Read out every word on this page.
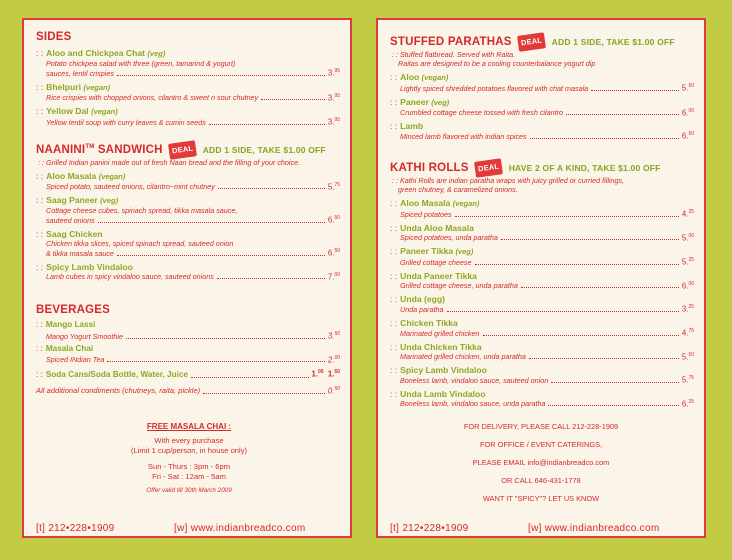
SIDES
: : Aloo and Chickpea Chat (veg)
Potato chickpea salad with three (green, tamarind & yogurt)
sauces, lentil crispies	3.95
: : Bhelpuri (vegan)
Rice crispies with chopped onions, cilantro & sweet n sour chutney	3.95
: : Yellow Dal (vegan)
Yellow lentil soup with curry leaves & cumin seeds	3.95
NAANINI™ SANDWICH DEAL ADD 1 SIDE, TAKE $1.00 OFF
: : Grilled Indian panini made out of fresh Naan bread and the filling of your choice.
: : Aloo Masala (vegan)
Spiced potato, sauteed onions, cilantro~mint chutney	5.75
: : Saag Paneer (veg)
Cottage cheese cubes, spinach spread, tikka masala sauce,
sauteed onions	6.50
: : Saag Chicken
Chicken tikka slices, spiced spinach spread, sauteed onion
& tikka masala sauce	6.50
: : Spicy Lamb Vindaloo
Lamb cubes in spicy vindaloo sauce, sauteed onions	7.00
BEVERAGES
: : Mango Lassi
Mango Yogurt Smoothie	3.50
: : Masala Chai
Spiced INdian Tea	2.00
: : Soda Cans/Soda Bottle, Water, Juice	1.00 1.50
All additional condiments (chutneys, raita, pickle)	0.50
FREE MASALA CHAI :
With every purchase
(Limit 1 cup/person, in house only)
Sun - Thurs : 3pm - 6pm
Fri - Sat : 12am - 5am
Offer valid till 30th March 2009
[t] 212•228•1909	[w] www.indianbreadco.com
STUFFED PARATHAS DEAL ADD 1 SIDE, TAKE $1.00 OFF
: : Stuffed flatbread. Served with Raita.
Raitas are designed to be a cooling counterbalance yogurt dip
: : Aloo (vegan)
Lightly spiced shredded potatoes flavored with chat masala	5.50
: : Paneer (veg)
Crumbled cottage cheese tossed with fresh cilantro	6.00
: : Lamb
Minced lamb flavored with indian spices	6.50
KATHI ROLLS DEAL HAVE 2 OF A KIND, TAKE $1.00 OFF
: : Kathi Rolls are indian paratha wraps with juicy grilled or curried fillings,
green chutney, & caramelized onions.
: : Aloo Masala (vegan)
Spiced potatoes	4.25
: : Unda Aloo Masala
Spiced potatoes, unda paratha	5.00
: : Paneer Tikka (veg)
Grilled cottage cheese	5.25
: : Unda Paneer Tikka
Grilled cottage cheese, unda paratha	6.00
: : Unda (egg)
Unda paratha	3.25
: : Chicken Tikka
Marinated grilled chicken	4.75
: : Unda Chicken Tikka
Marinated grilled chicken, unda paratha	5.50
: : Spicy Lamb Vindaloo
Boneless lamb, vindaloo sauce, sauteed onion	5.75
: : Unda Lamb Vindaloo
Boneless lamb, vindaloo sauce, unda paratha	6.25
FOR DELIVERY, PLEASE CALL 212-228-1909
FOR OFFICE / EVENT CATERINGS,
PLEASE EMAIL info@indianbreadco.com
OR CALL 646-431-1778
WANT IT "SPICY"? LET US KNOW
[t] 212•228•1909	[w] www.indianbreadco.com
